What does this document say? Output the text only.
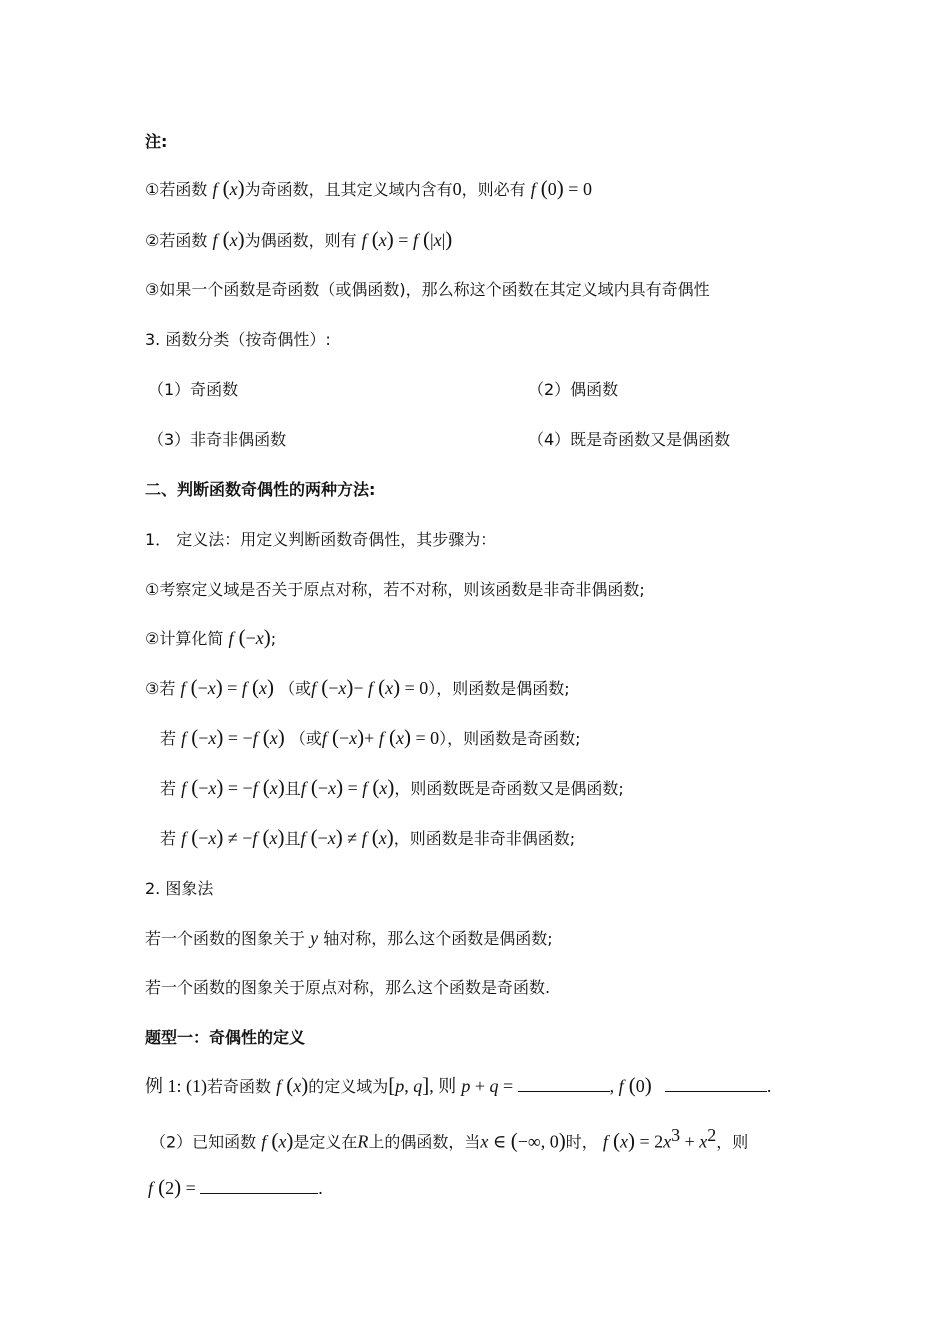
注:
①若函数 f (x)为奇函数，且其定义域内含有0，则必有 f (0) = 0
②若函数 f (x)为偶函数，则有 f (x) = f (|x|)
③如果一个函数是奇函数（或偶函数)，那么称这个函数在其定义域内具有奇偶性
3. 函数分类（按奇偶性）:
（1）奇函数	（2）偶函数
（3）非奇非偶函数	（4）既是奇函数又是偶函数
二、判断函数奇偶性的两种方法:
1． 定义法：用定义判断函数奇偶性，其步骤为：
①考察定义域是否关于原点对称，若不对称，则该函数是非奇非偶函数;
②计算化简 f (−x);
③若 f (−x) = f (x) （或f (−x)− f (x) = 0），则函数是偶函数;
若 f (−x) = −f (x) （或f (−x)+ f (x) = 0），则函数是奇函数;
若 f (−x) = −f (x)且f (−x) = f (x)，则函数既是奇函数又是偶函数;
若 f (−x) ≠ −f (x)且f (−x) ≠ f (x)，则函数是非奇非偶函数;
2. 图象法
若一个函数的图象关于 y 轴对称，那么这个函数是偶函数;
若一个函数的图象关于原点对称，那么这个函数是奇函数.
题型一：奇偶性的定义
例 1: (1)若奇函数 f (x)的定义域为[p, q], 则 p + q =	, f (0)	.
（2）已知函数 f (x)是定义在R上的偶函数，当x ∈ (−∞, 0)时， f $(x) = 2x^3 + x^2$，则
f (2) =	.
